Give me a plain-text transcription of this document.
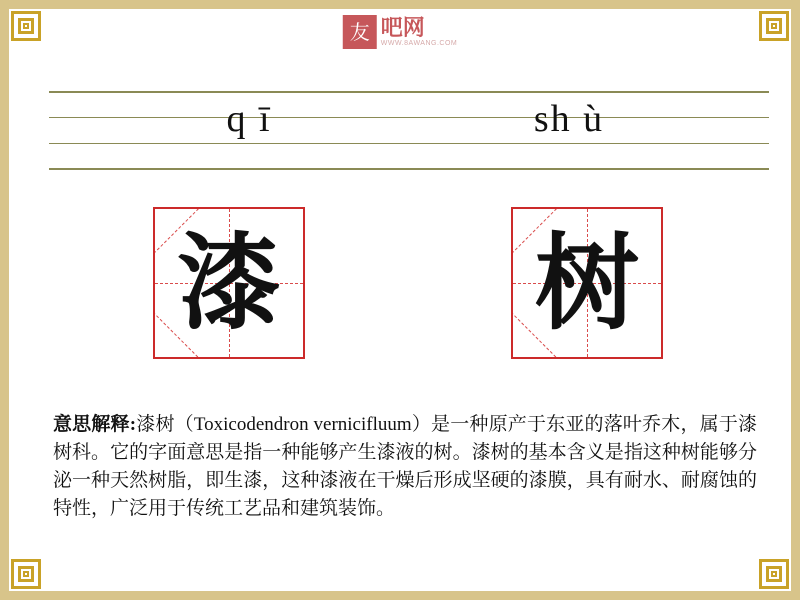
友 吧网
WWW.8AWANG.COM
q ī	sh ù
漆 树
意思解释:漆树（Toxicodendron vernicifluum）是一种原产于东亚的落叶乔木，属于漆树科。它的字面意思是指一种能够产生漆液的树。漆树的基本含义是指这种树能够分泌一种天然树脂，即生漆，这种漆液在干燥后形成坚硬的漆膜，具有耐水、耐腐蚀的特性，广泛用于传统工艺品和建筑装饰。
